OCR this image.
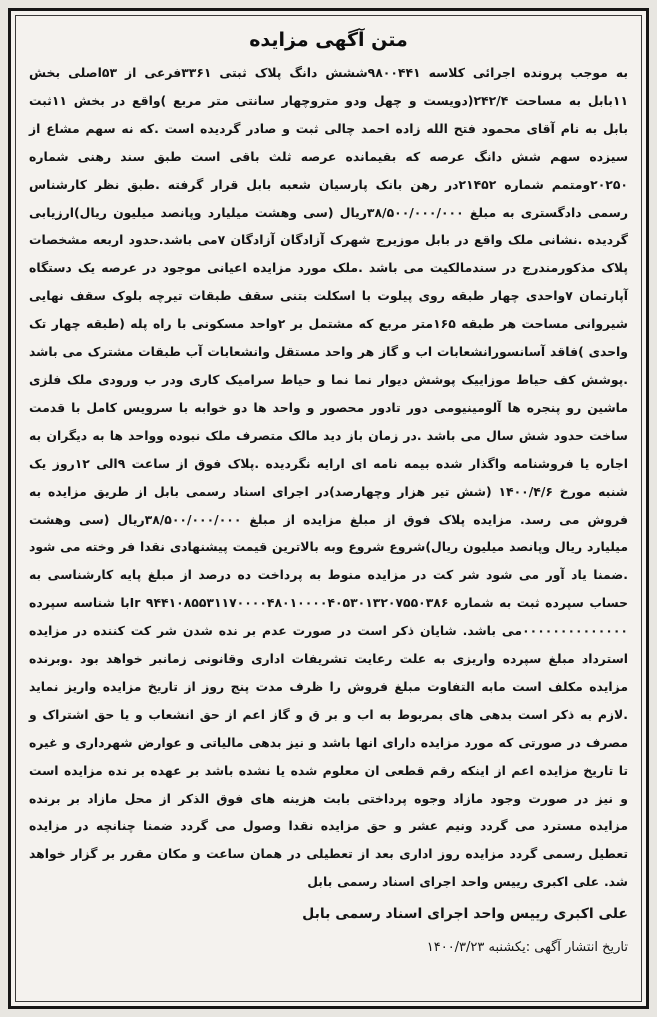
متن آگهی مزایده

به موجب پرونده اجرائی کلاسه ۹۸۰۰۴۴۱ششش دانگ پلاک ثبتی ۳۳۶۱فرعی از ۵۳اصلی بخش ۱۱بابل به مساحت ۲۴۲/۴(دویست و چهل ودو متروچهار سانتی متر مربع )واقع در بخش ۱۱ثبت بابل به نام آقای محمود فتح الله زاده احمد چالی ثبت و صادر گردیده است .که نه سهم مشاع از سیزده سهم شش دانگ عرصه که بقیمانده عرصه ثلث باقی است طبق سند رهنی شماره ۲۰۲۵۰ومتمم شماره ۲۱۴۵۲در رهن بانک پارسیان شعبه بابل قرار گرفته .طبق نظر کارشناس رسمی دادگستری به مبلغ ۳۸/۵۰۰/۰۰۰/۰۰۰ریال (سی وهشت میلیارد وپانصد میلیون ریال)ارزیابی گردیده .نشانی ملک واقع در بابل موزیرج شهرک آزادگان آزادگان ۷می باشد.حدود اربعه مشخصات پلاک مذکورمندرج در سندمالکیت می باشد .ملک مورد مزایده اعیانی موجود در عرصه یک دستگاه آپارتمان ۷واحدی چهار طبقه روی پیلوت با اسکلت بتنی سقف طبقات تیرچه بلوک سقف نهایی شیروانی مساحت هر طبقه ۱۶۵متر مربع که مشتمل بر ۲واحد مسکونی با راه پله (طبقه چهار تک واحدی )فاقد آسانسورانشعابات اب و گاز هر واحد مستقل وانشعابات آب طبقات مشترک می باشد .پوشش کف حیاط موزاییک پوشش دیوار نما نما و حیاط سرامیک کاری ودر ب ورودی ملک فلزی ماشین رو پنجره ها آلومینیومی دور تادور محصور و واحد ها دو خوابه با سرویس کامل با قدمت ساخت حدود شش سال می باشد .در زمان باز دید مالک متصرف ملک نبوده وواحد ها به دیگران به اجاره یا فروشنامه واگذار شده بیمه نامه ای ارایه نگردیده .پلاک فوق از ساعت ۹الی ۱۲روز یک شنبه مورخ ۱۴۰۰/۴/۶ (شش تیر هزار وچهارصد)در اجرای اسناد رسمی بابل از طریق مزایده به فروش می رسد. مزایده پلاک فوق از مبلغ مزایده از مبلغ ۳۸/۵۰۰/۰۰۰/۰۰۰ریال (سی وهشت میلیارد ریال وپانصد میلیون ریال)شروع شروع وبه بالاترین قیمت پیشنهادی نقدا فر وخته می شود .ضمنا یاد آور می شود شر کت در مزایده منوط به پرداخت ده درصد از مبلغ پایه کارشناسی به حساب سپرده ثبت به شماره Ir ۹۴۴۱۰۸۵۵۳۱۱۷۰۰۰۰۴۸۰۱۰۰۰۰۴۰۵۳۰۱۳۲۰۷۵۵۰۳۸۶با شناسه سپرده ۰۰۰۰۰۰۰۰۰۰۰۰۰۰می باشد. شایان ذکر است در صورت عدم بر نده شدن شر کت کننده در مزایده استرداد مبلغ سپرده واریزی به علت رعایت تشریفات اداری وقانونی زمانبر خواهد بود .وبرنده مزایده مکلف است مابه التفاوت مبلغ فروش را ظرف مدت پنج روز از تاریخ مزایده واریز نماید .لازم به ذکر است بدهی های بمربوط به اب و بر ق و گاز اعم از حق انشعاب و یا حق اشتراک و مصرف در صورتی که مورد مزایده دارای انها باشد و نیز بدهی مالیاتی و عوارض شهرداری و غیره تا تاریخ مزایده اعم از اینکه رقم قطعی ان معلوم شده یا نشده باشد بر عهده بر نده مزایده است و نیز در صورت وجود مازاد وجوه پرداختی بابت هزینه های فوق الذکر از محل مازاد بر برنده مزایده مسترد می گردد ونیم عشر و حق مزایده نقدا وصول می گردد ضمنا چنانچه در مزایده تعطیل رسمی گردد مزایده روز اداری بعد از تعطیلی در همان ساعت و مکان مقرر بر گزار خواهد شد. علی اکبری رییس واحد اجرای اسناد رسمی بابل

علی اکبری رییس واحد اجرای اسناد رسمی بابل

تاریخ انتشار آگهی :یکشنبه ۱۴۰۰/۳/۲۳
